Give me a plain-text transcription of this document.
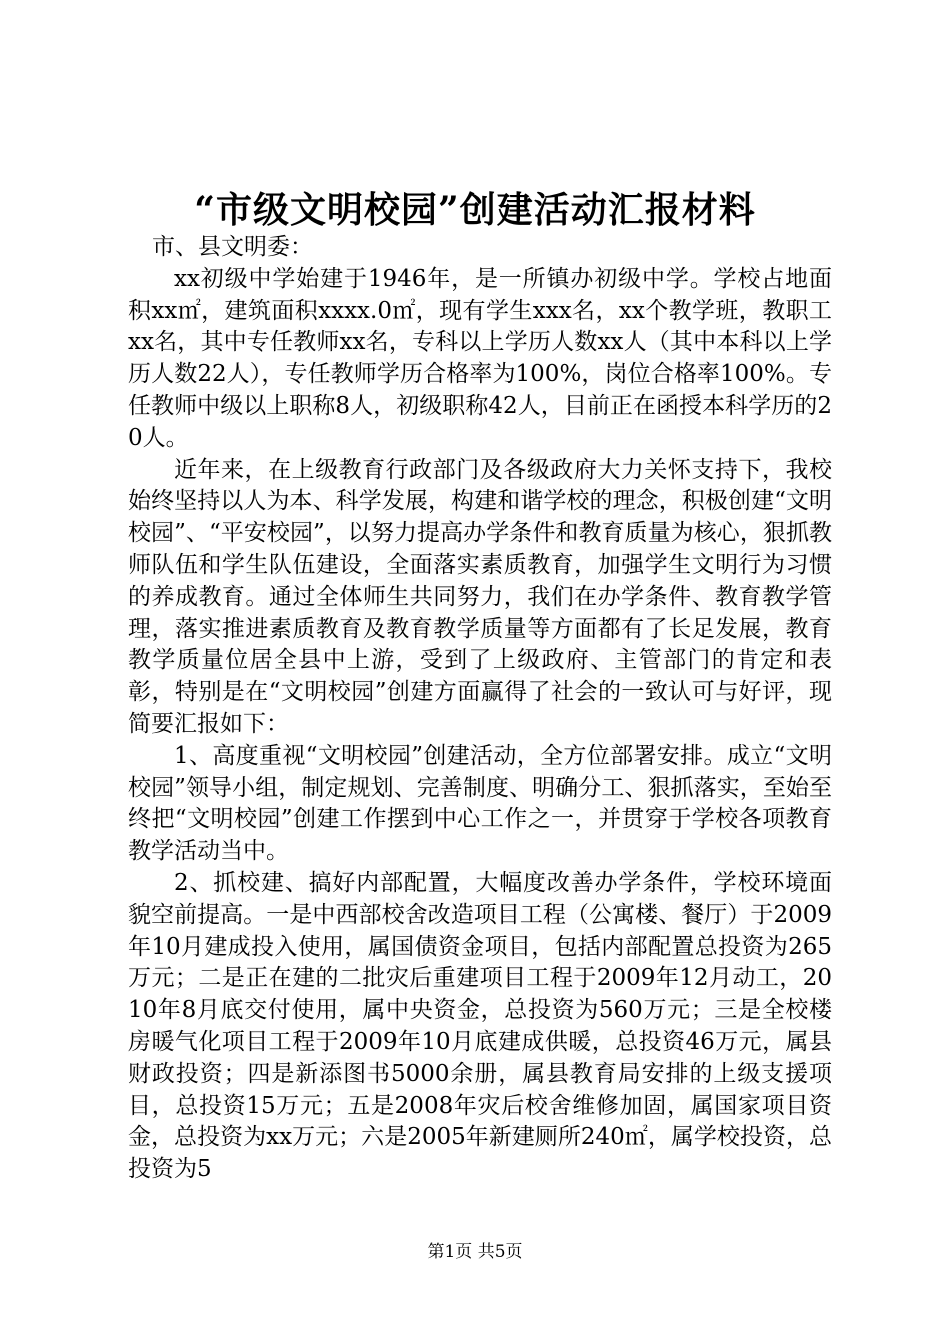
“市级文明校园”创建活动汇报材料

市、县文明委：

xx初级中学始建于1946年，是一所镇办初级中学。学校占地面积xx㎡，建筑面积xxxx.0㎡，现有学生xxx名，xx个教学班，教职工xx名，其中专任教师xx名，专科以上学历人数xx人（其中本科以上学历人数22人），专任教师学历合格率为100%，岗位合格率100%。专任教师中级以上职称8人，初级职称42人，目前正在函授本科学历的20人。

近年来，在上级教育行政部门及各级政府大力关怀支持下，我校始终坚持以人为本、科学发展，构建和谐学校的理念，积极创建“文明校园”、“平安校园”，以努力提高办学条件和教育质量为核心，狠抓教师队伍和学生队伍建设，全面落实素质教育，加强学生文明行为习惯的养成教育。通过全体师生共同努力，我们在办学条件、教育教学管理，落实推进素质教育及教育教学质量等方面都有了长足发展，教育教学质量位居全县中上游，受到了上级政府、主管部门的肯定和表彰，特别是在“文明校园”创建方面赢得了社会的一致认可与好评，现简要汇报如下：

1、高度重视“文明校园”创建活动，全方位部署安排。成立“文明校园”领导小组，制定规划、完善制度、明确分工、狠抓落实，至始至终把“文明校园”创建工作摆到中心工作之一，并贯穿于学校各项教育教学活动当中。

2、抓校建、搞好内部配置，大幅度改善办学条件，学校环境面貌空前提高。一是中西部校舍改造项目工程（公寓楼、餐厅）于2009年10月建成投入使用，属国债资金项目，包括内部配置总投资为265万元；二是正在建的二批灾后重建项目工程于2009年12月动工，2010年8月底交付使用，属中央资金，总投资为560万元；三是全校楼房暖气化项目工程于2009年10月底建成供暖，总投资46万元，属县财政投资；四是新添图书5000余册，属县教育局安排的上级支援项目，总投资15万元；五是2008年灾后校舍维修加固，属国家项目资金，总投资为xx万元；六是2005年新建厕所240㎡，属学校投资，总投资为5

第1页 共5页
